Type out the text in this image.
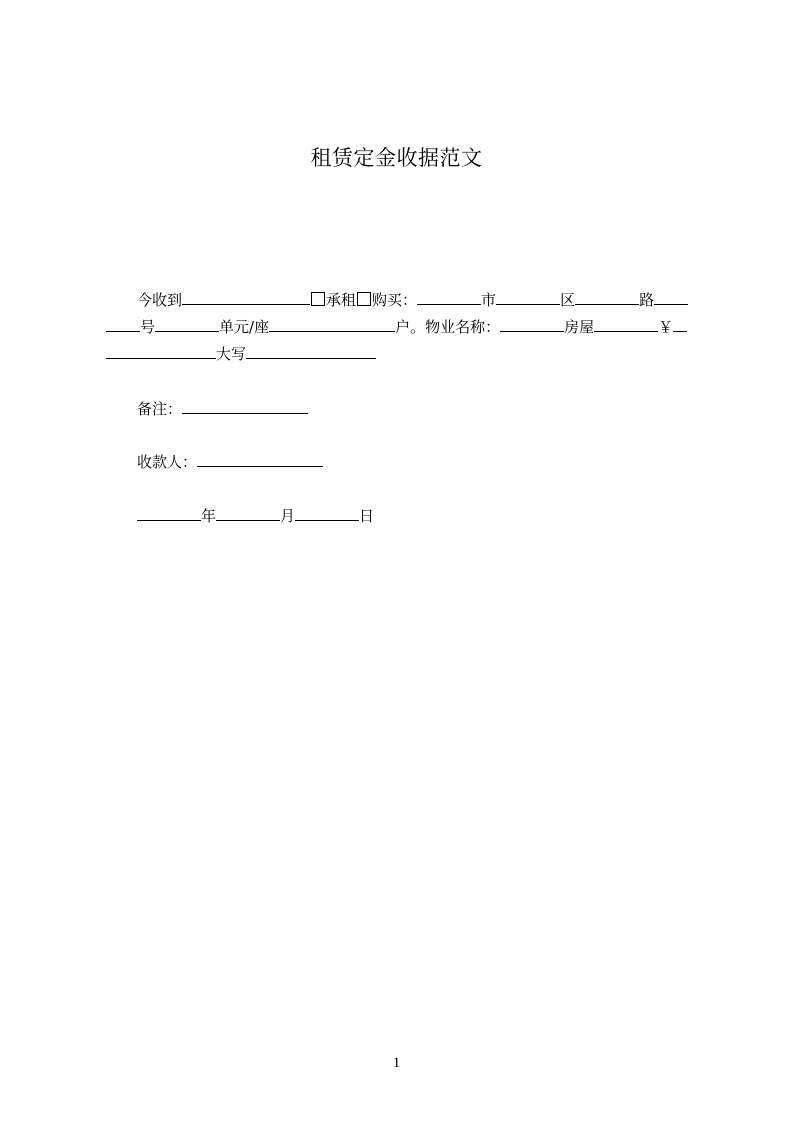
租赁定金收据范文
今收到	承租 购买：	市	区	路
号	单元/座	户。物业名称：	房屋	￥
大写
备注：
收款人：
年	月	日
1
